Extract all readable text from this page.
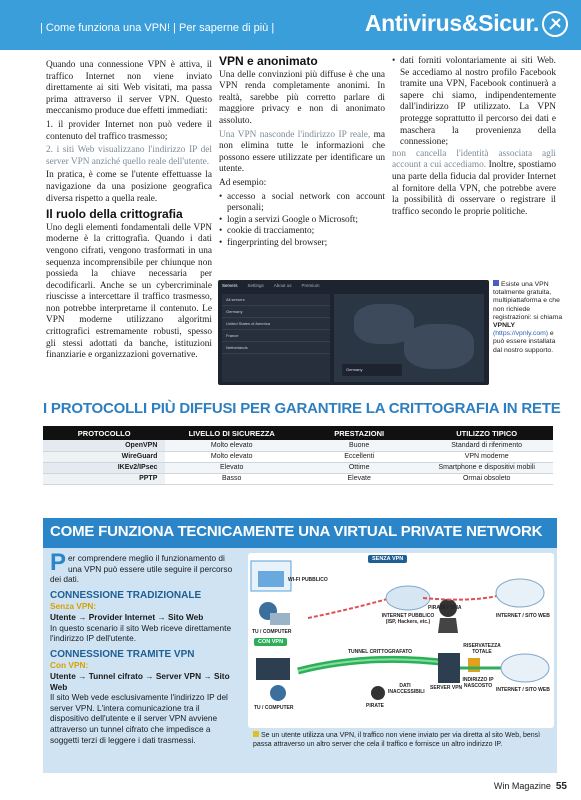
| Come funziona una VPN! | Per saperne di più |	Antivirus&Sicur.

Quando una connessione VPN è attiva, il traffico Internet non viene inviato direttamente ai siti Web visitati, ma passa prima attraverso il server VPN. Questo meccanismo produce due effetti immediati:

1. il provider Internet non può vedere il contenuto del traffico trasmesso;

2. i siti Web visualizzano l'indirizzo IP del server VPN anziché quello reale dell'utente.

In pratica, è come se l'utente effettuasse la navigazione da una posizione geografica diversa rispetto a quella reale.

Il ruolo della crittografia

Uno degli elementi fondamentali delle VPN moderne è la crittografia. Quando i dati vengono cifrati, vengono trasformati in una sequenza incomprensibile per chiunque non possieda la chiave necessaria per decodificarli. Anche se un cybercriminale riuscisse a intercettare il traffico trasmesso, non potrebbe interpretarne il contenuto. Le VPN moderne utilizzano algoritmi crittografici estremamente robusti, spesso gli stessi adottati da banche, istituzioni finanziarie e organizzazioni governative.

VPN e anonimato

Una delle convinzioni più diffuse è che una VPN renda completamente anonimi. In realtà, sarebbe più corretto parlare di maggiore privacy e non di anonimato assoluto.

Una VPN nasconde l'indirizzo IP reale, ma non elimina tutte le informazioni che possono essere utilizzate per identificare un utente.

Ad esempio:

• accesso a social network con account personali;
• login a servizi Google o Microsoft;
• cookie di tracciamento;
• fingerprinting del browser;
• dati forniti volontariamente ai siti Web. Se accediamo al nostro profilo Facebook tramite una VPN, Facebook continuerà a sapere chi siamo, indipendentemente dall'indirizzo IP utilizzato. La VPN protegge soprattutto il percorso dei dati e maschera la provenienza della connessione;

non cancella l'identità associata agli account a cui accediamo. Inoltre, spostiamo una parte della fiducia dal provider Internet al fornitore della VPN, che potrebbe avere la possibilità di osservare o registrare il traffico secondo le proprie politiche.

Servers Settings About us Premium
All servers
Germany
United States of America
France
Netherlands
Germany
Esiste una VPN totalmente gratuita, multipiattaforma e che non richiede registrazioni: si chiama VPNLY (https://vpnly.com) e può essere installata dal nostro supporto.
I PROTOCOLLI PIÙ DIFFUSI PER GARANTIRE LA CRITTOGRAFIA IN RETE
PROTOCOLLO	LIVELLO DI SICUREZZA	PRESTAZIONI	UTILIZZO TIPICO
OpenVPN	Molto elevato	Buone	Standard di riferimento
WireGuard	Molto elevato	Eccellenti	VPN moderne
IKEv2/IPsec	Elevato	Ottime	Smartphone e dispositivi mobili
PPTP	Basso	Elevate	Ormai obsoleto
COME FUNZIONA TECNICAMENTE UNA VIRTUAL PRIVATE NETWORK

Per comprendere meglio il funzionamento di una VPN può essere utile seguire il percorso dei dati.

CONNESSIONE TRADIZIONALE
Senza VPN:
Utente → Provider Internet → Sito Web
In questo scenario il sito Web riceve direttamente l'indirizzo IP dell'utente.
CONNESSIONE TRAMITE VPN
Con VPN:
Utente → Tunnel cifrato → Server VPN → Sito Web
Il sito Web vede esclusivamente l'indirizzo IP del server VPN. L'intera comunicazione tra il dispositivo dell'utente e il server VPN avviene attraverso un tunnel cifrato che impedisce a soggetti terzi di leggere i dati trasmessi.
SENZA VPN
CON VPN
WI-FI PUBBLICO
TU / COMPUTER
INTERNET PUBBLICO (ISP, Hackers, etc.)
PIRATA / SPIA
INTERNET / SITO WEB
TUNNEL CRITTOGRAFATO
DATI INACCESSIBILI
PIRATE
RISERVATEZZA TOTALE
SERVER VPN
INDIRIZZO IP NASCOSTO
INTERNET / SITO WEB
TU / COMPUTER
Se un utente utilizza una VPN, il traffico non viene inviato per via diretta al sito Web, bensì passa attraverso un altro server che cela il traffico e fornisce un altro indirizzo IP.
Win Magazine 55
